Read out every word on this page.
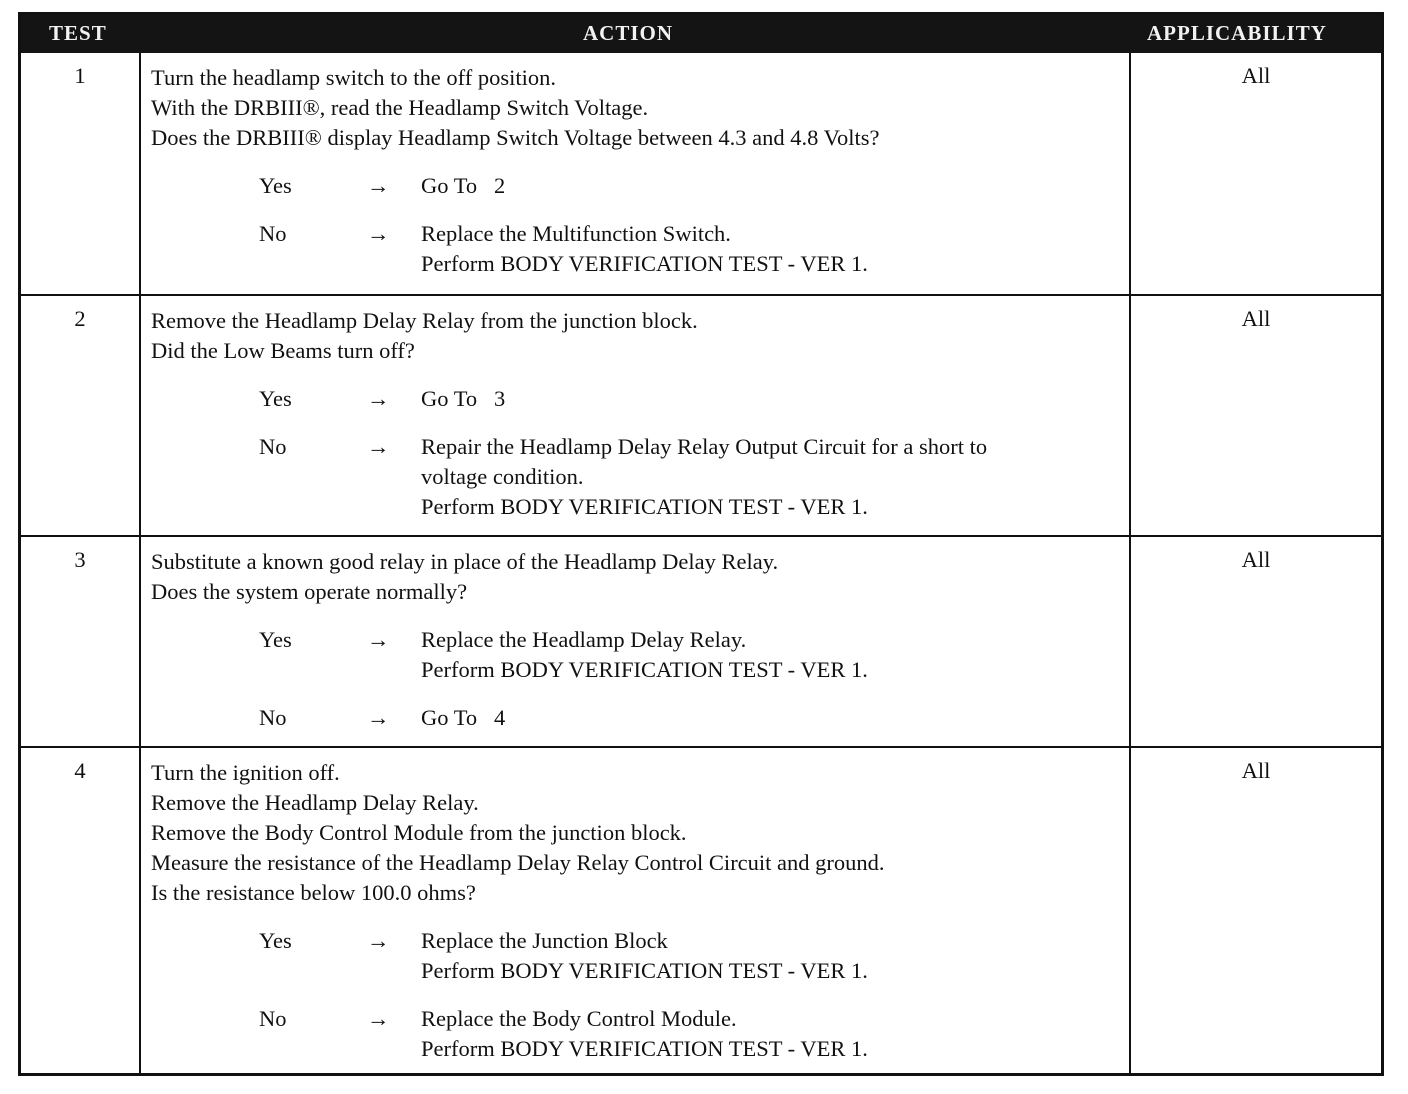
TEST	ACTION	APPLICABILITY
1	Turn the headlamp switch to the off position.

With the DRBIII®, read the Headlamp Switch Voltage.

Does the DRBIII® display Headlamp Switch Voltage between 4.3 and 4.8 Volts?

Yes	→	Go To   2

No	→	Replace the Multifunction Switch.

Perform BODY VERIFICATION TEST - VER 1.

All
2	Remove the Headlamp Delay Relay from the junction block.

Did the Low Beams turn off?

Yes	→	Go To   3

No	→	Repair the Headlamp Delay Relay Output Circuit for a short to

voltage condition.

Perform BODY VERIFICATION TEST - VER 1.

All
3	Substitute a known good relay in place of the Headlamp Delay Relay.

Does the system operate normally?

Yes	→	Replace the Headlamp Delay Relay.

Perform BODY VERIFICATION TEST - VER 1.

No	→	Go To   4

All
4	Turn the ignition off.

Remove the Headlamp Delay Relay.

Remove the Body Control Module from the junction block.

Measure the resistance of the Headlamp Delay Relay Control Circuit and ground.

Is the resistance below 100.0 ohms?

Yes	→	Replace the Junction Block

Perform BODY VERIFICATION TEST - VER 1.

No	→	Replace the Body Control Module.

Perform BODY VERIFICATION TEST - VER 1.

All
